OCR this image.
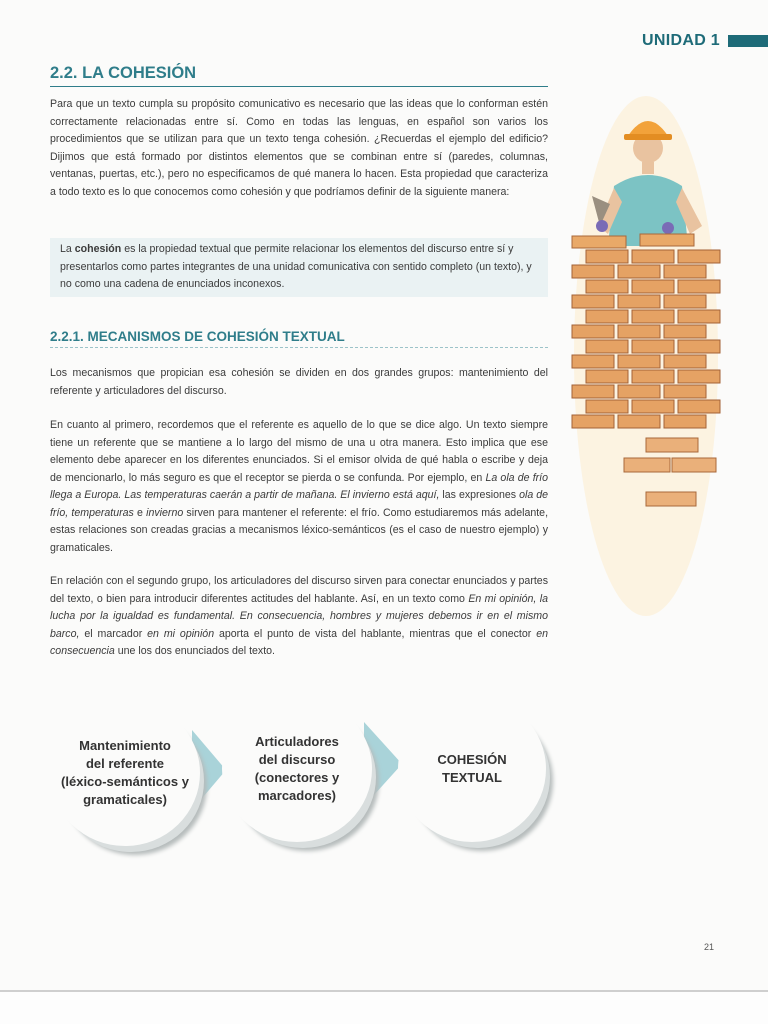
UNIDAD 1
2.2. LA COHESIÓN

Para que un texto cumpla su propósito comunicativo es necesario que las ideas que lo conforman estén correctamente relacionadas entre sí. Como en todas las lenguas, en español son varios los procedimientos que se utilizan para que un texto tenga cohesión. ¿Recuerdas el ejemplo del edificio? Dijimos que está formado por distintos elementos que se combinan entre sí (paredes, columnas, ventanas, puertas, etc.), pero no especificamos de qué manera lo hacen. Esta propiedad que caracteriza a todo texto es lo que conocemos como cohesión y que podríamos definir de la siguiente manera:

La cohesión es la propiedad textual que permite relacionar los elementos del discurso entre sí y presentarlos como partes integrantes de una unidad comunicativa con sentido completo (un texto), y no como una cadena de enunciados inconexos.
2.2.1. MECANISMOS DE COHESIÓN TEXTUAL

Los mecanismos que propician esa cohesión se dividen en dos grandes grupos: mantenimiento del referente y articuladores del discurso.

En cuanto al primero, recordemos que el referente es aquello de lo que se dice algo. Un texto siempre tiene un referente que se mantiene a lo largo del mismo de una u otra manera. Esto implica que ese elemento debe aparecer en los diferentes enunciados. Si el emisor olvida de qué habla o escribe y deja de mencionarlo, lo más seguro es que el receptor se pierda o se confunda. Por ejemplo, en La ola de frío llega a Europa. Las temperaturas caerán a partir de mañana. El invierno está aquí, las expresiones ola de frío, temperaturas e invierno sirven para mantener el referente: el frío. Como estudiaremos más adelante, estas relaciones son creadas gracias a mecanismos léxico-semánticos (es el caso de nuestro ejemplo) y gramaticales.

En relación con el segundo grupo, los articuladores del discurso sirven para conectar enunciados y partes del texto, o bien para introducir diferentes actitudes del hablante. Así, en un texto como En mi opinión, la lucha por la igualdad es fundamental. En consecuencia, hombres y mujeres debemos ir en el mismo barco, el marcador en mi opinión aporta el punto de vista del hablante, mientras que el conector en consecuencia une los dos enunciados del texto.

Mantenimiento
del referente
(léxico-semánticos y
gramaticales)
Articuladores
del discurso
(conectores y
marcadores)
COHESIÓN
TEXTUAL
21
